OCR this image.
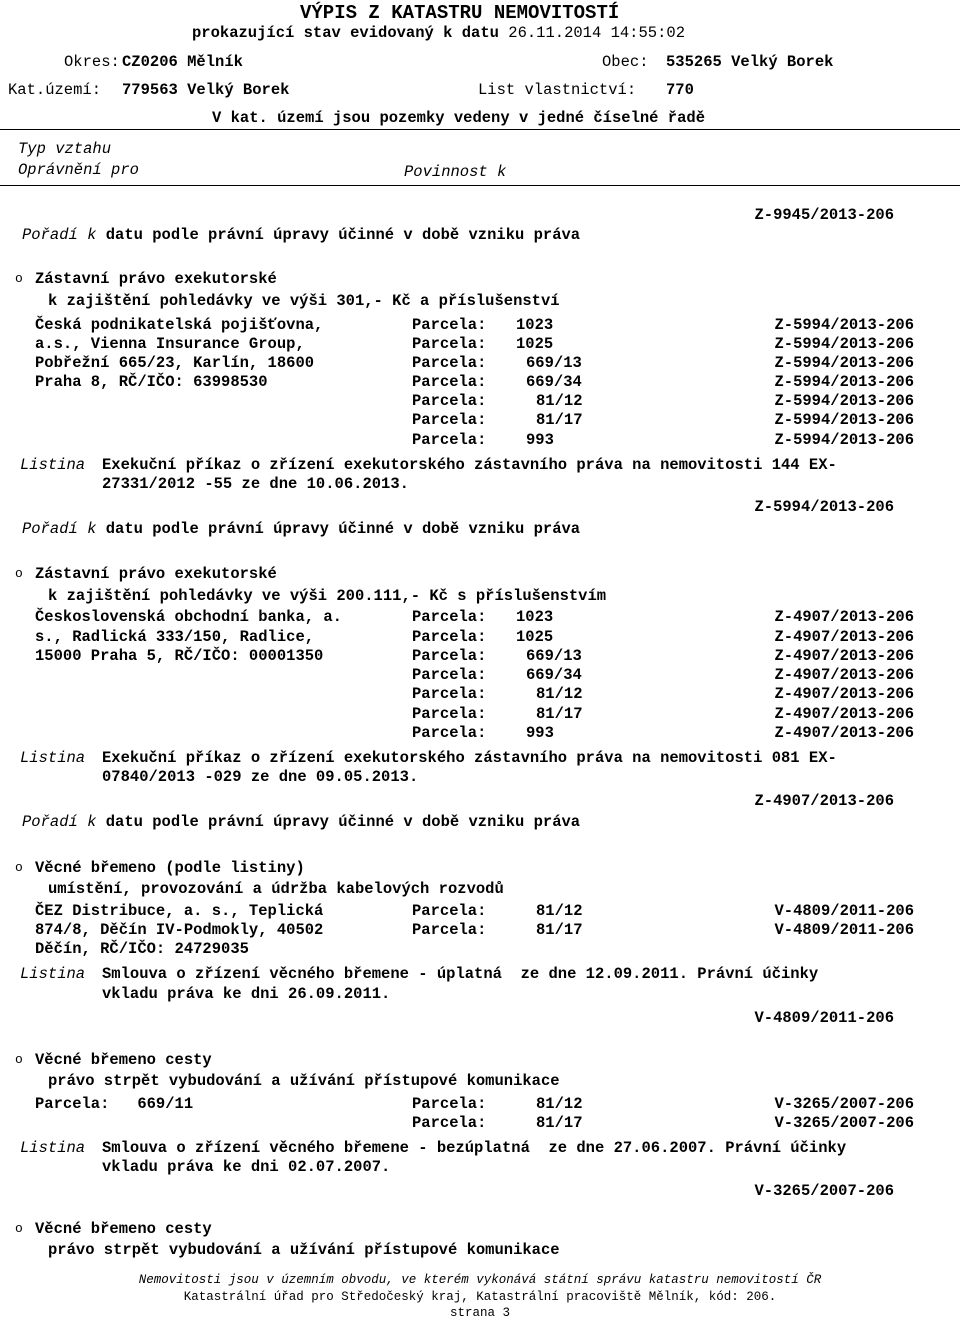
VÝPIS Z KATASTRU NEMOVITOSTÍ
prokazující stav evidovaný k datu 26.11.2014 14:55:02
Okres: CZ0206 Mělník	Obec: 535265 Velký Borek
Kat.území: 779563 Velký Borek	List vlastnictví: 770
V kat. území jsou pozemky vedeny v jedné číselné řadě
Typ vztahu
Oprávnění pro	Povinnost k
Z-9945/2013-206
Pořadí k datu podle právní úpravy účinné v době vzniku práva
o Zástavní právo exekutorské
k zajištění pohledávky ve výši 301,- Kč a příslušenství
Česká podnikatelská pojišťovna,
a.s., Vienna Insurance Group,
Pobřežní 665/23, Karlín, 18600
Praha 8, RČ/IČO: 63998530
Parcela: 1023	Z-5994/2013-206
Parcela: 1025	Z-5994/2013-206
Parcela:	669/13	Z-5994/2013-206
Parcela:	669/34	Z-5994/2013-206
Parcela:	81/12	Z-5994/2013-206
Parcela:	81/17	Z-5994/2013-206
Parcela:	993	Z-5994/2013-206
Listina Exekuční příkaz o zřízení exekutorského zástavního práva na nemovitosti 144 EX-
27331/2012 -55 ze dne 10.06.2013.
Z-5994/2013-206
Pořadí k datu podle právní úpravy účinné v době vzniku práva
o Zástavní právo exekutorské
k zajištění pohledávky ve výši 200.111,- Kč s příslušenstvím
Československá obchodní banka, a.
s., Radlická 333/150, Radlice,
15000 Praha 5, RČ/IČO: 00001350
Parcela: 1023	Z-4907/2013-206
Parcela: 1025	Z-4907/2013-206
Parcela:	669/13	Z-4907/2013-206
Parcela:	669/34	Z-4907/2013-206
Parcela:	81/12	Z-4907/2013-206
Parcela:	81/17	Z-4907/2013-206
Parcela:	993	Z-4907/2013-206
Listina Exekuční příkaz o zřízení exekutorského zástavního práva na nemovitosti 081 EX-
07840/2013 -029 ze dne 09.05.2013.
Z-4907/2013-206
Pořadí k datu podle právní úpravy účinné v době vzniku práva
o Věcné břemeno (podle listiny)
umístění, provozování a údržba kabelových rozvodů
ČEZ Distribuce, a. s., Teplická
874/8, Děčín IV-Podmokly, 40502
Děčín, RČ/IČO: 24729035
Parcela:	81/12	V-4809/2011-206
Parcela:	81/17	V-4809/2011-206
Listina Smlouva o zřízení věcného břemene - úplatná  ze dne 12.09.2011. Právní účinky
vkladu práva ke dni 26.09.2011.
V-4809/2011-206
o Věcné břemeno cesty
právo strpět vybudování a užívání přístupové komunikace
Parcela:   669/11	Parcela:	81/12	V-3265/2007-206
Parcela:	81/17	V-3265/2007-206
Listina Smlouva o zřízení věcného břemene - bezúplatná  ze dne 27.06.2007. Právní účinky
vkladu práva ke dni 02.07.2007.
V-3265/2007-206
o Věcné břemeno cesty
právo strpět vybudování a užívání přístupové komunikace
Nemovitosti jsou v územním obvodu, ve kterém vykonává státní správu katastru nemovitostí ČR
Katastrální úřad pro Středočeský kraj, Katastrální pracoviště Mělník, kód: 206.
strana 3
